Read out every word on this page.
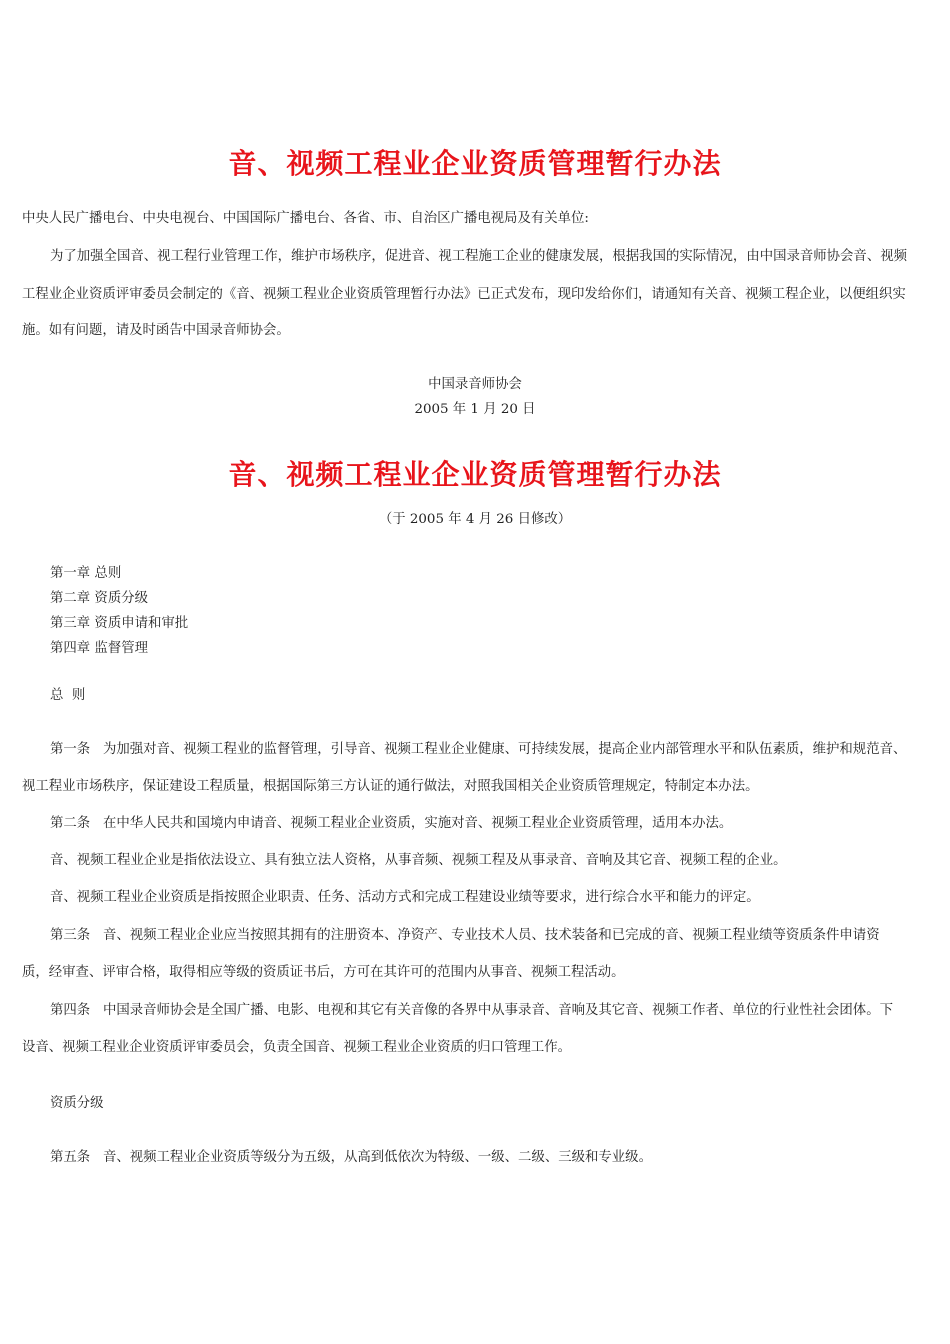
音、视频工程业企业资质管理暂行办法
中央人民广播电台、中央电视台、中国国际广播电台、各省、市、自治区广播电视局及有关单位:
为了加强全国音、视工程行业管理工作，维护市场秩序，促进音、视工程施工企业的健康发展，根据我国的实际情况，由中国录音师协会音、视频
工程业企业资质评审委员会制定的《音、视频工程业企业资质管理暂行办法》已正式发布，现印发给你们，请通知有关音、视频工程企业，以便组织实
施。如有问题，请及时函告中国录音师协会。
中国录音师协会
2005 年 1 月 20 日
音、视频工程业企业资质管理暂行办法
（于 2005 年 4 月 26 日修改）
第一章 总则
第二章 资质分级
第三章 资质申请和审批
第四章 监督管理
总  则
第一条   为加强对音、视频工程业的监督管理，引导音、视频工程业企业健康、可持续发展，提高企业内部管理水平和队伍素质，维护和规范音、
视工程业市场秩序，保证建设工程质量，根据国际第三方认证的通行做法，对照我国相关企业资质管理规定，特制定本办法。
第二条   在中华人民共和国境内申请音、视频工程业企业资质，实施对音、视频工程业企业资质管理，适用本办法。
音、视频工程业企业是指依法设立、具有独立法人资格，从事音频、视频工程及从事录音、音响及其它音、视频工程的企业。
音、视频工程业企业资质是指按照企业职责、任务、活动方式和完成工程建设业绩等要求，进行综合水平和能力的评定。
第三条   音、视频工程业企业应当按照其拥有的注册资本、净资产、专业技术人员、技术装备和已完成的音、视频工程业绩等资质条件申请资
质，经审查、评审合格，取得相应等级的资质证书后，方可在其许可的范围内从事音、视频工程活动。
第四条   中国录音师协会是全国广播、电影、电视和其它有关音像的各界中从事录音、音响及其它音、视频工作者、单位的行业性社会团体。下
设音、视频工程业企业资质评审委员会，负责全国音、视频工程业企业资质的归口管理工作。
资质分级
第五条   音、视频工程业企业资质等级分为五级，从高到低依次为特级、一级、二级、三级和专业级。
